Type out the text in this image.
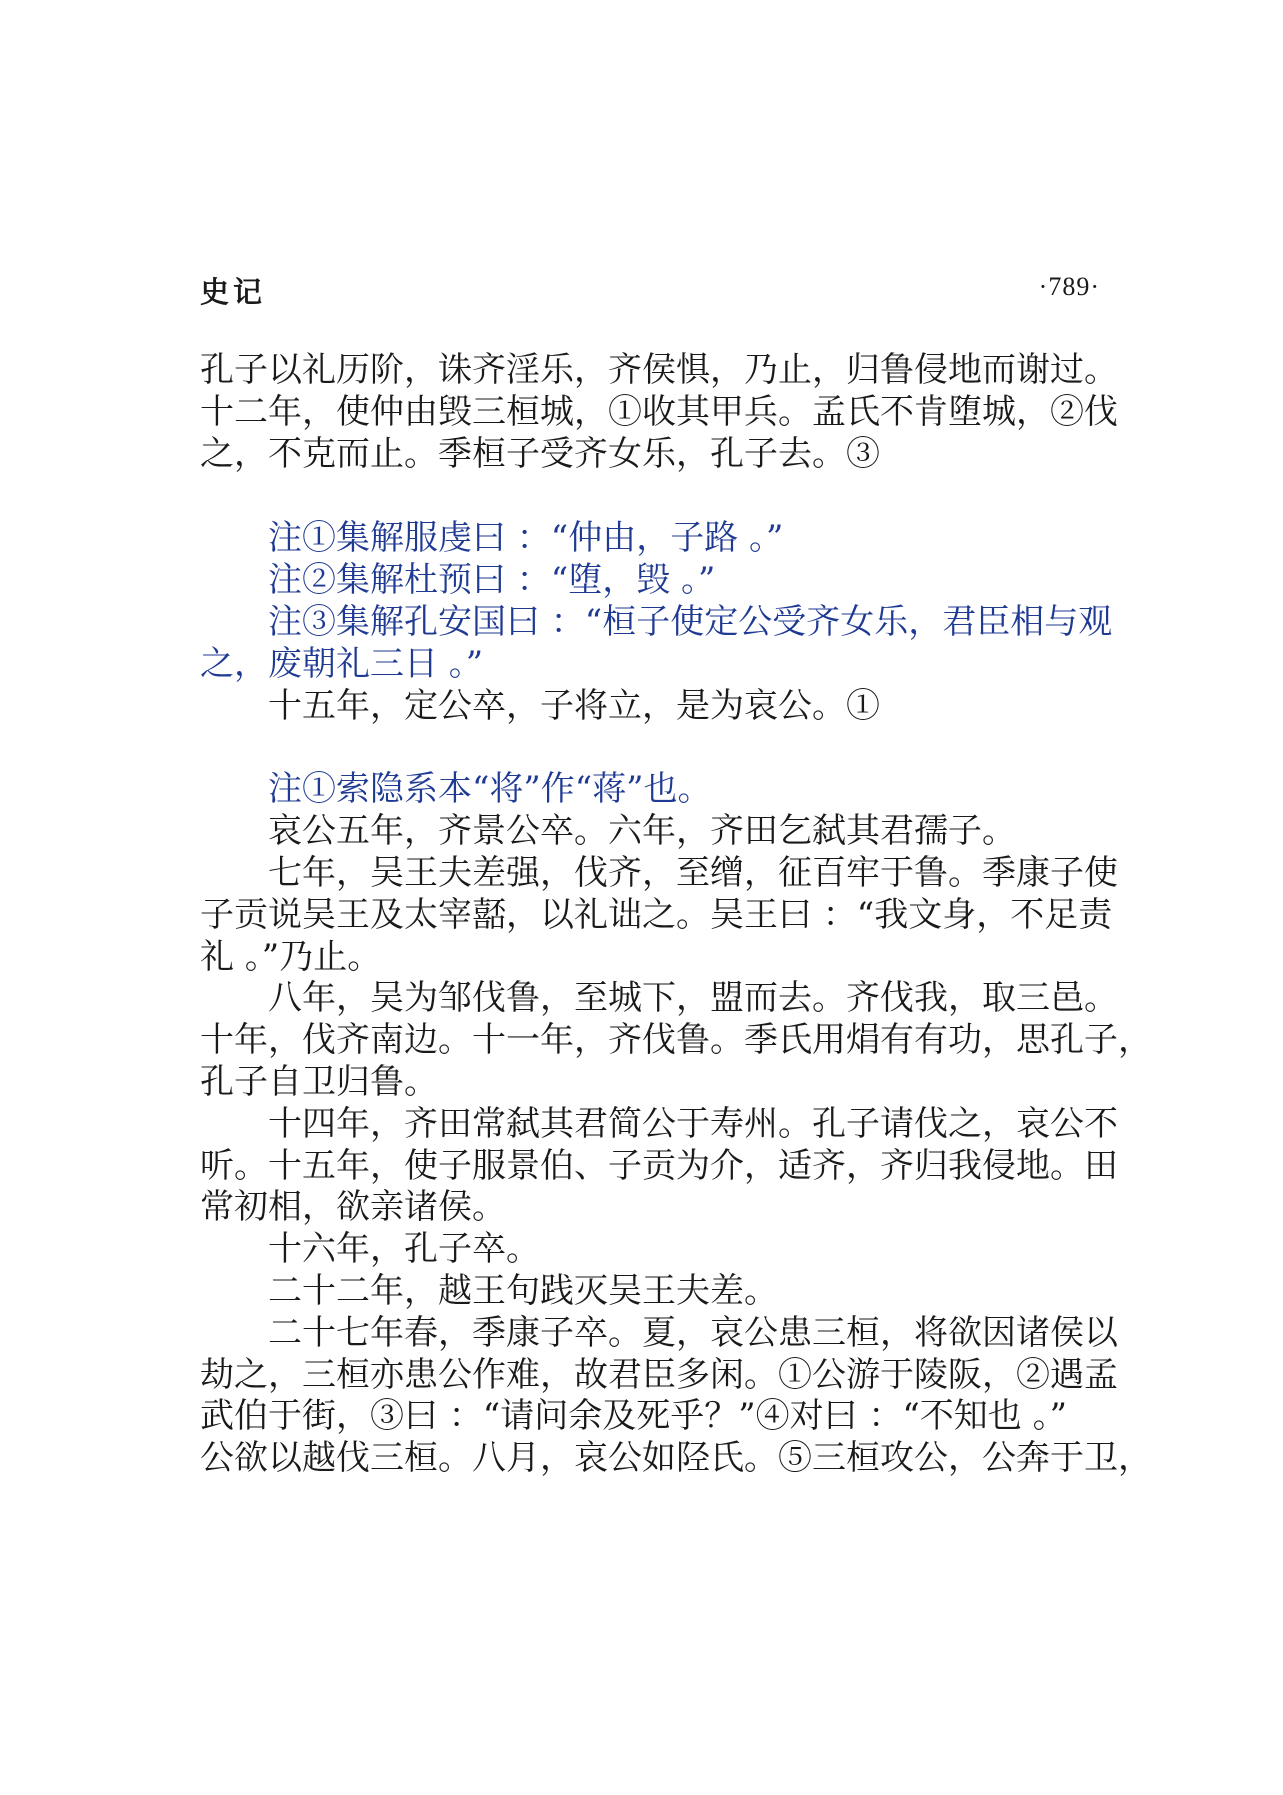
史记	·789·
孔子以礼历阶，诛齐淫乐，齐侯惧，乃止，归鲁侵地而谢过。
十二年，使仲由毁三桓城，①收其甲兵。孟氏不肯堕城，②伐
之，不克而止。季桓子受齐女乐，孔子去。③
　　注①集解服虔曰 ：“仲由，子路 。”
　　注②集解杜预曰 ：“堕，毁 。”
　　注③集解孔安国曰 ：“桓子使定公受齐女乐，君臣相与观
之，废朝礼三日 。”
　　十五年，定公卒，子将立，是为哀公。①
　　注①索隐系本“将”作“蒋”也。
　　哀公五年，齐景公卒。六年，齐田乞弑其君孺子。
　　七年，吴王夫差强，伐齐，至缯，征百牢于鲁。季康子使
子贡说吴王及太宰嚭，以礼诎之。吴王曰 ：“我文身，不足责
礼 。”乃止。
　　八年，吴为邹伐鲁，至城下，盟而去。齐伐我，取三邑。
十年，伐齐南边。十一年，齐伐鲁。季氏用焆有有功，思孔子，
孔子自卫归鲁。
　　十四年，齐田常弑其君简公于寿州。孔子请伐之，哀公不
听。十五年，使子服景伯、子贡为介，适齐，齐归我侵地。田
常初相，欲亲诸侯。
　　十六年，孔子卒。
　　二十二年，越王句践灭吴王夫差。
　　二十七年春，季康子卒。夏，哀公患三桓，将欲因诸侯以
劫之，三桓亦患公作难，故君臣多闲。①公游于陵阪，②遇孟
武伯于街，③曰 ：“请问余及死乎？”④对曰 ：“不知也 。”
公欲以越伐三桓。八月，哀公如陉氏。⑤三桓攻公，公奔于卫，
